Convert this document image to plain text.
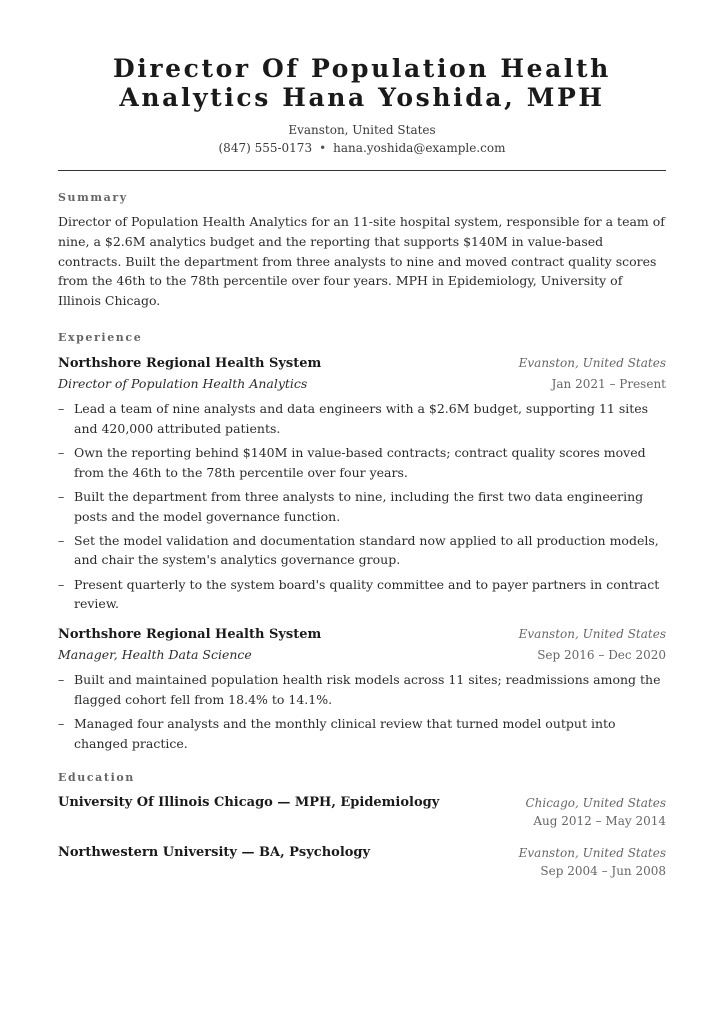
Director Of Population Health Analytics Hana Yoshida, MPH
Evanston, United States
(847) 555-0173 • hana.yoshida@example.com
Summary
Director of Population Health Analytics for an 11-site hospital system, responsible for a team of nine, a $2.6M analytics budget and the reporting that supports $140M in value-based contracts. Built the department from three analysts to nine and moved contract quality scores from the 46th to the 78th percentile over four years. MPH in Epidemiology, University of Illinois Chicago.
Experience
Northshore Regional Health System	Evanston, United States
Director of Population Health Analytics	Jan 2021 – Present
– Lead a team of nine analysts and data engineers with a $2.6M budget, supporting 11 sites and 420,000 attributed patients.
– Own the reporting behind $140M in value-based contracts; contract quality scores moved from the 46th to the 78th percentile over four years.
– Built the department from three analysts to nine, including the first two data engineering posts and the model governance function.
– Set the model validation and documentation standard now applied to all production models, and chair the system's analytics governance group.
– Present quarterly to the system board's quality committee and to payer partners in contract review.
Northshore Regional Health System	Evanston, United States
Manager, Health Data Science	Sep 2016 – Dec 2020
– Built and maintained population health risk models across 11 sites; readmissions among the flagged cohort fell from 18.4% to 14.1%.
– Managed four analysts and the monthly clinical review that turned model output into changed practice.
Education
University Of Illinois Chicago — MPH, Epidemiology	Chicago, United States
Aug 2012 – May 2014
Northwestern University — BA, Psychology	Evanston, United States
Sep 2004 – Jun 2008
